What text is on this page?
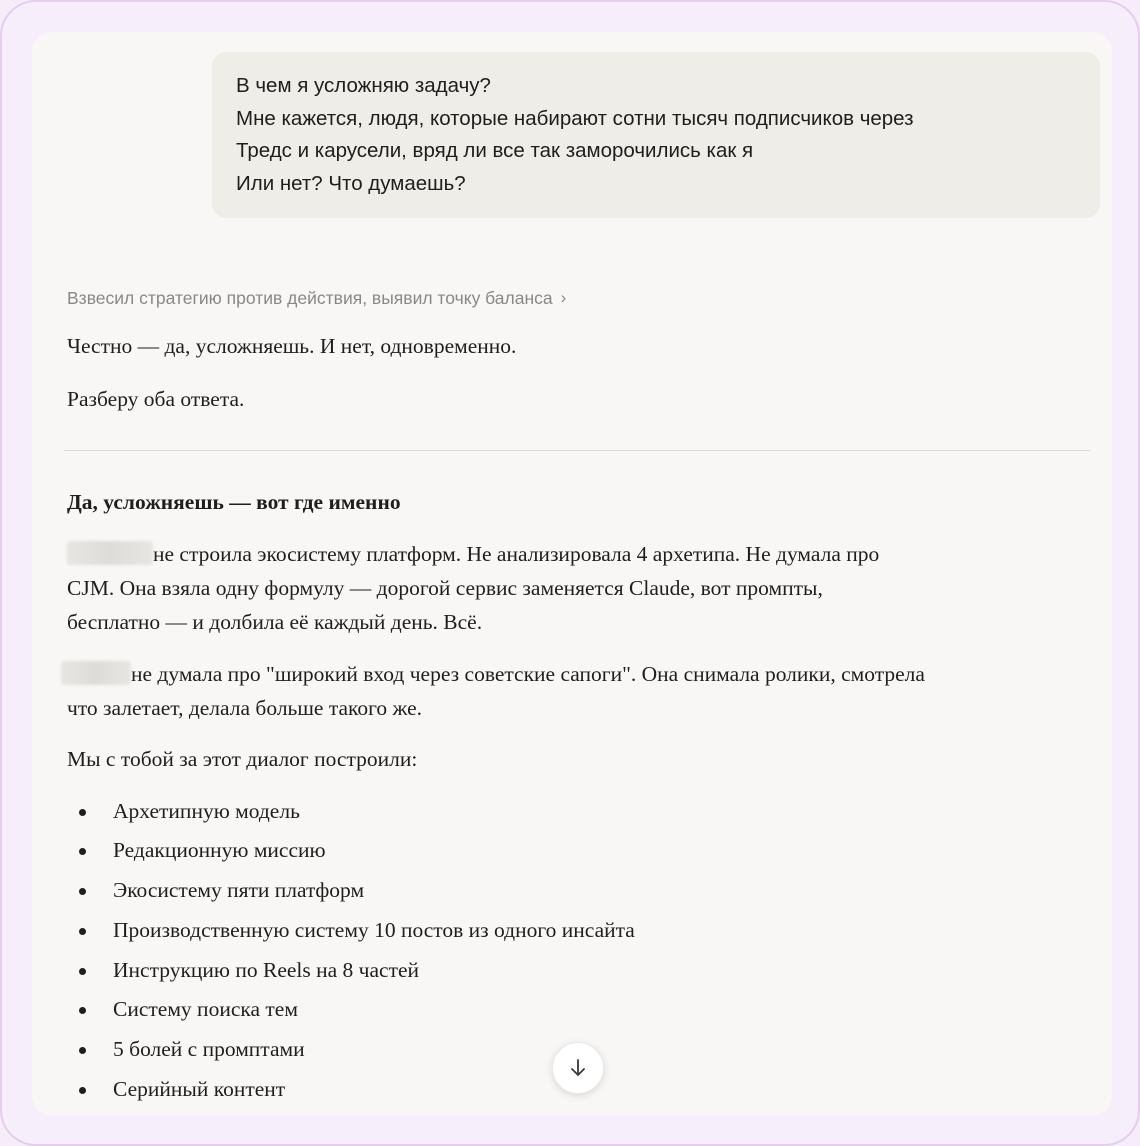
В чем я усложняю задачу?
Мне кажется, людя, которые набирают сотни тысяч подписчиков через
Тредс и карусели, вряд ли все так заморочились как я
Или нет? Что думаешь?
Взвесил стратегию против действия, выявил точку баланса ›
Честно — да, усложняешь. И нет, одновременно.
Разберу оба ответа.
Да, усложняешь — вот где именно
не строила экосистему платформ. Не анализировала 4 архетипа. Не думала про
CJM. Она взяла одну формулу — дорогой сервис заменяется Claude, вот промпты,
бесплатно — и долбила её каждый день. Всё.
не думала про "широкий вход через советские сапоги". Она снимала ролики, смотрела
что залетает, делала больше такого же.
Мы с тобой за этот диалог построили:
Архетипную модель
Редакционную миссию
Экосистему пяти платформ
Производственную систему 10 постов из одного инсайта
Инструкцию по Reels на 8 частей
Систему поиска тем
5 болей с промптами
Серийный контент
